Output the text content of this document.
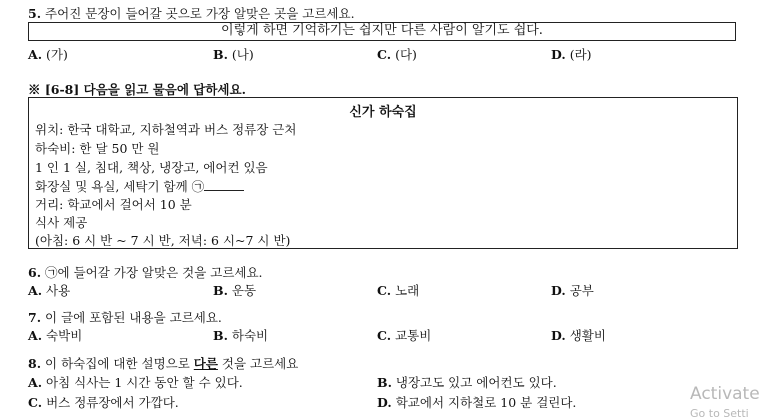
5. 주어진 문장이 들어갈 곳으로 가장 알맞은 곳을 고르세요.
이렇게 하면 기억하기는 쉽지만 다른 사람이 알기도 쉽다.
A. (가)	B. (나)	C. (다)	D. (라)
※ [6-8] 다음을 읽고 물음에 답하세요.
신가 하숙집
위치: 한국 대학교, 지하철역과 버스 정류장 근처
하숙비: 한 달 50 만 원
1 인 1 실, 침대, 책상, 냉장고, 에어컨 있음
화장실 및 욕실, 세탁기 함께 ㉠
거리: 학교에서 걸어서 10 분
식사 제공
(아침: 6 시 반 ~ 7 시 반, 저녁: 6 시~7 시 반)
6. ㉠에 들어갈 가장 알맞은 것을 고르세요.
A. 사용	B. 운동	C. 노래	D. 공부
7. 이 글에 포함된 내용을 고르세요.
A. 숙박비	B. 하숙비	C. 교통비	D. 생활비
8. 이 하숙집에 대한 설명으로 다른 것을 고르세요
A. 아침 식사는 1 시간 동안 할 수 있다.	B. 냉장고도 있고 에어컨도 있다.
C. 버스 정류장에서 가깝다.	D. 학교에서 지하철로 10 분 걸린다.	Activate
Go to Setti
